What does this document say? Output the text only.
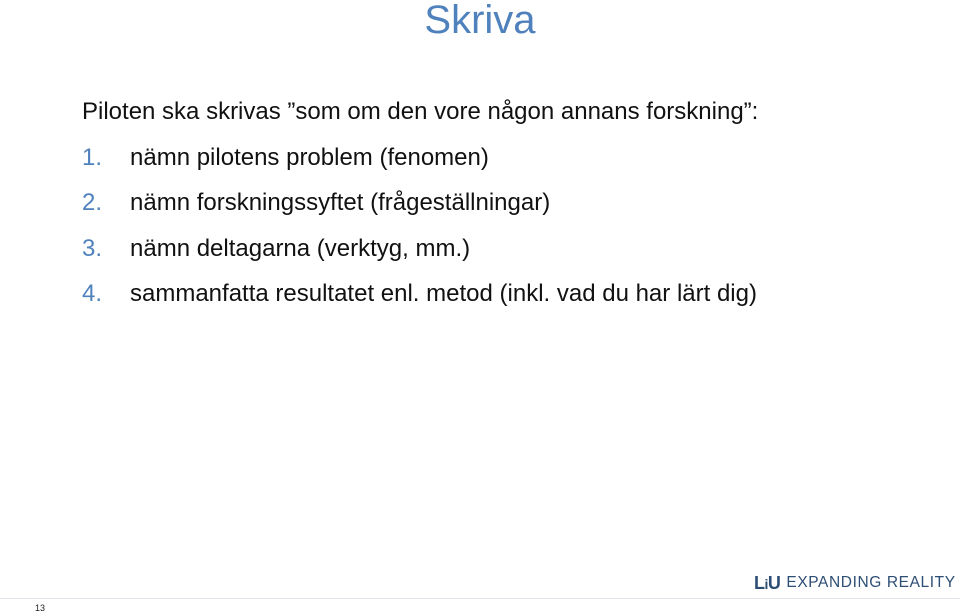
Skriva
Piloten ska skrivas ”som om den vore någon annans forskning”:
1. nämn pilotens problem (fenomen)
2. nämn forskningssyftet (frågeställningar)
3. nämn deltagarna (verktyg, mm.)
4. sammanfatta resultatet enl. metod (inkl. vad du har lärt dig)
LiU EXPANDING REALITY
13
